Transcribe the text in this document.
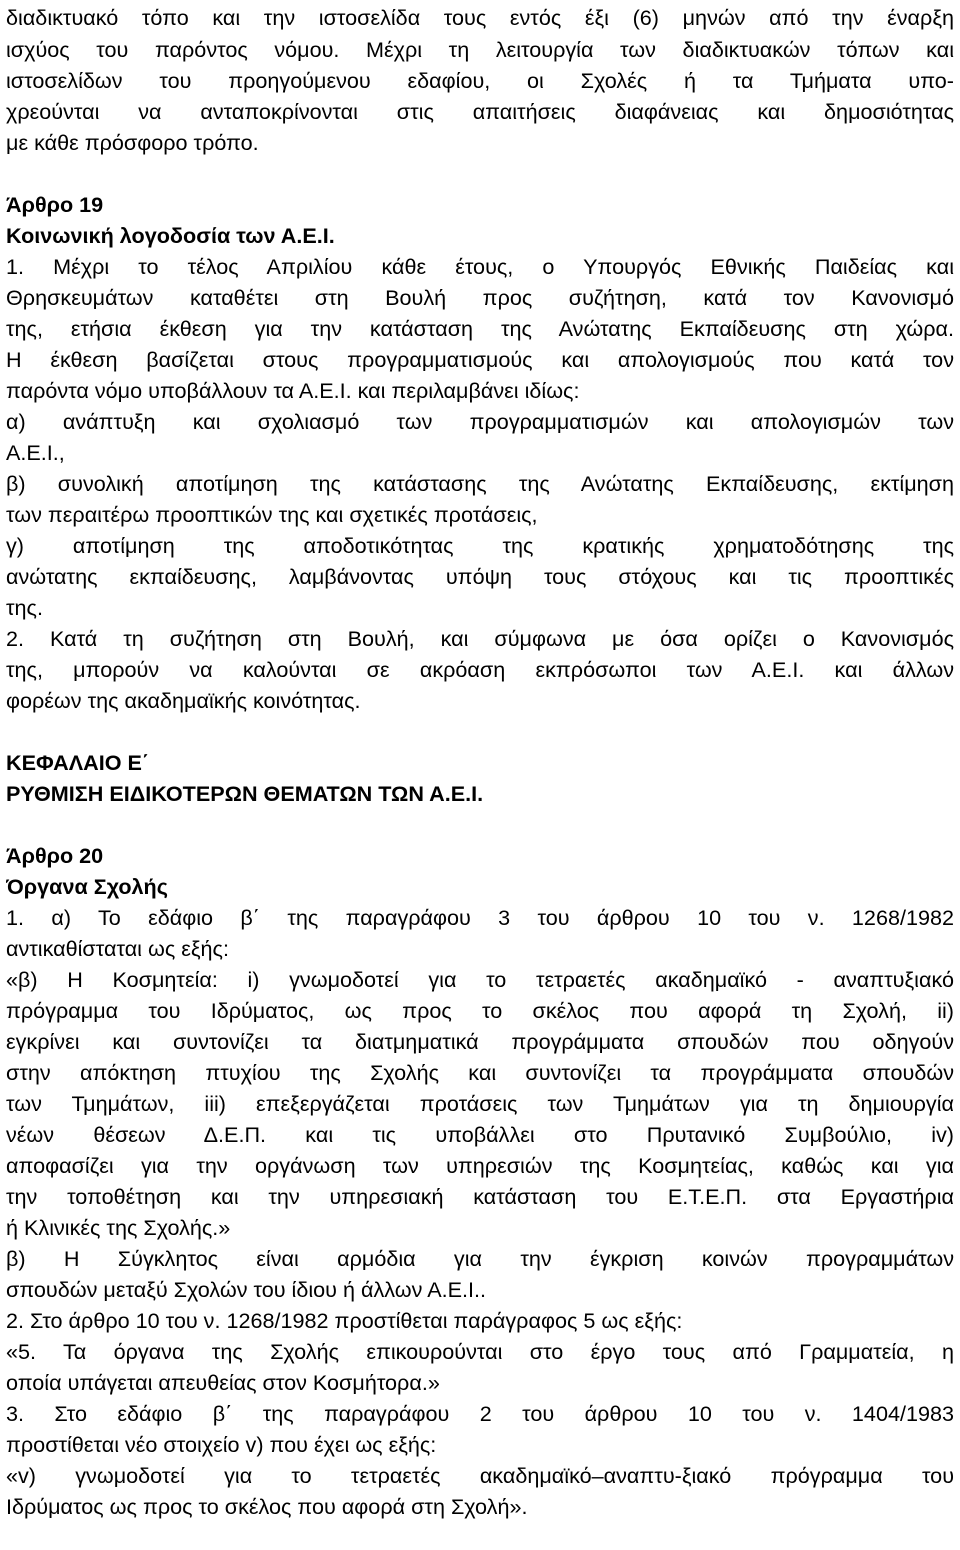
διαδικτυακό τόπο και την ιστοσελίδα τους εντός έξι (6) μηνών από την έναρξη
ισχύος του παρόντος νόμου. Μέχρι τη λειτουργία των διαδικτυακών τόπων και
ιστοσελίδων του προηγούμενου εδαφίου, οι Σχολές ή τα Τμήματα υπο-
χρεούνται να ανταποκρίνονται στις απαιτήσεις διαφάνειας και δημοσιότητας
με κάθε πρόσφορο τρόπο.
Άρθρο 19
Κοινωνική λογοδοσία των Α.Ε.Ι.
1. Μέχρι το τέλος Απριλίου κάθε έτους, ο Υπουργός Εθνικής Παιδείας και
Θρησκευμάτων καταθέτει στη Βουλή προς συζήτηση, κατά τον Κανονισμό
της, ετήσια έκθεση για την κατάσταση της Ανώτατης Εκπαίδευσης στη χώρα.
Η έκθεση βασίζεται στους προγραμματισμούς και απολογισμούς που κατά τον
παρόντα νόμο υποβάλλουν τα Α.Ε.Ι. και περιλαμβάνει ιδίως:
α) ανάπτυξη και σχολιασμό των προγραμματισμών και απολογισμών των
Α.Ε.Ι.,
β) συνολική αποτίμηση της κατάστασης της Ανώτατης Εκπαίδευσης, εκτίμηση
των περαιτέρω προοπτικών της και σχετικές προτάσεις,
γ) αποτίμηση της αποδοτικότητας της κρατικής χρηματοδότησης της
ανώτατης εκπαίδευσης, λαμβάνοντας υπόψη τους στόχους και τις προοπτικές
της.
2. Κατά τη συζήτηση στη Βουλή, και σύμφωνα με όσα ορίζει ο Κανονισμός
της, μπορούν να καλούνται σε ακρόαση εκπρόσωποι των Α.Ε.Ι. και άλλων
φορέων της ακαδημαϊκής κοινότητας.
ΚΕΦΑΛΑΙΟ Ε΄
ΡΥΘΜΙΣΗ ΕΙΔΙΚΟΤΕΡΩΝ ΘΕΜΑΤΩΝ ΤΩΝ Α.Ε.Ι.
Άρθρο 20
Όργανα Σχολής
1. α) Το εδάφιο β΄ της παραγράφου 3 του άρθρου 10 του ν. 1268/1982
αντικαθίσταται ως εξής:
«β) Η Κοσμητεία: i) γνωμοδοτεί για το τετραετές ακαδημαϊκό - αναπτυξιακό
πρόγραμμα του Ιδρύματος, ως προς το σκέλος που αφορά τη Σχολή, ii)
εγκρίνει και συντονίζει τα διατμηματικά προγράμματα σπουδών που οδηγούν
στην απόκτηση πτυχίου της Σχολής και συντονίζει τα προγράμματα σπουδών
των Τμημάτων, iii) επεξεργάζεται προτάσεις των Τμημάτων για τη δημιουργία
νέων θέσεων Δ.Ε.Π. και τις υποβάλλει στο Πρυτανικό Συμβούλιο, iv)
αποφασίζει για την οργάνωση των υπηρεσιών της Κοσμητείας, καθώς και για
την τοποθέτηση και την υπηρεσιακή κατάσταση του Ε.Τ.Ε.Π. στα Εργαστήρια
ή Κλινικές της Σχολής.»
β) Η Σύγκλητος είναι αρμόδια για την έγκριση κοινών προγραμμάτων
σπουδών μεταξύ Σχολών του ίδιου ή άλλων Α.Ε.Ι..
2. Στο άρθρο 10 του ν. 1268/1982 προστίθεται παράγραφος 5 ως εξής:
«5. Τα όργανα της Σχολής επικουρούνται στο έργο τους από Γραμματεία, η
οποία υπάγεται απευθείας στον Κοσμήτορα.»
3. Στο εδάφιο β΄ της παραγράφου 2 του άρθρου 10 του ν. 1404/1983
προστίθεται νέο στοιχείο v) που έχει ως εξής:
«v) γνωμοδοτεί για το τετραετές ακαδημαϊκό–αναπτυ-ξιακό πρόγραμμα του
Ιδρύματος ως προς το σκέλος που αφορά στη Σχολή».
